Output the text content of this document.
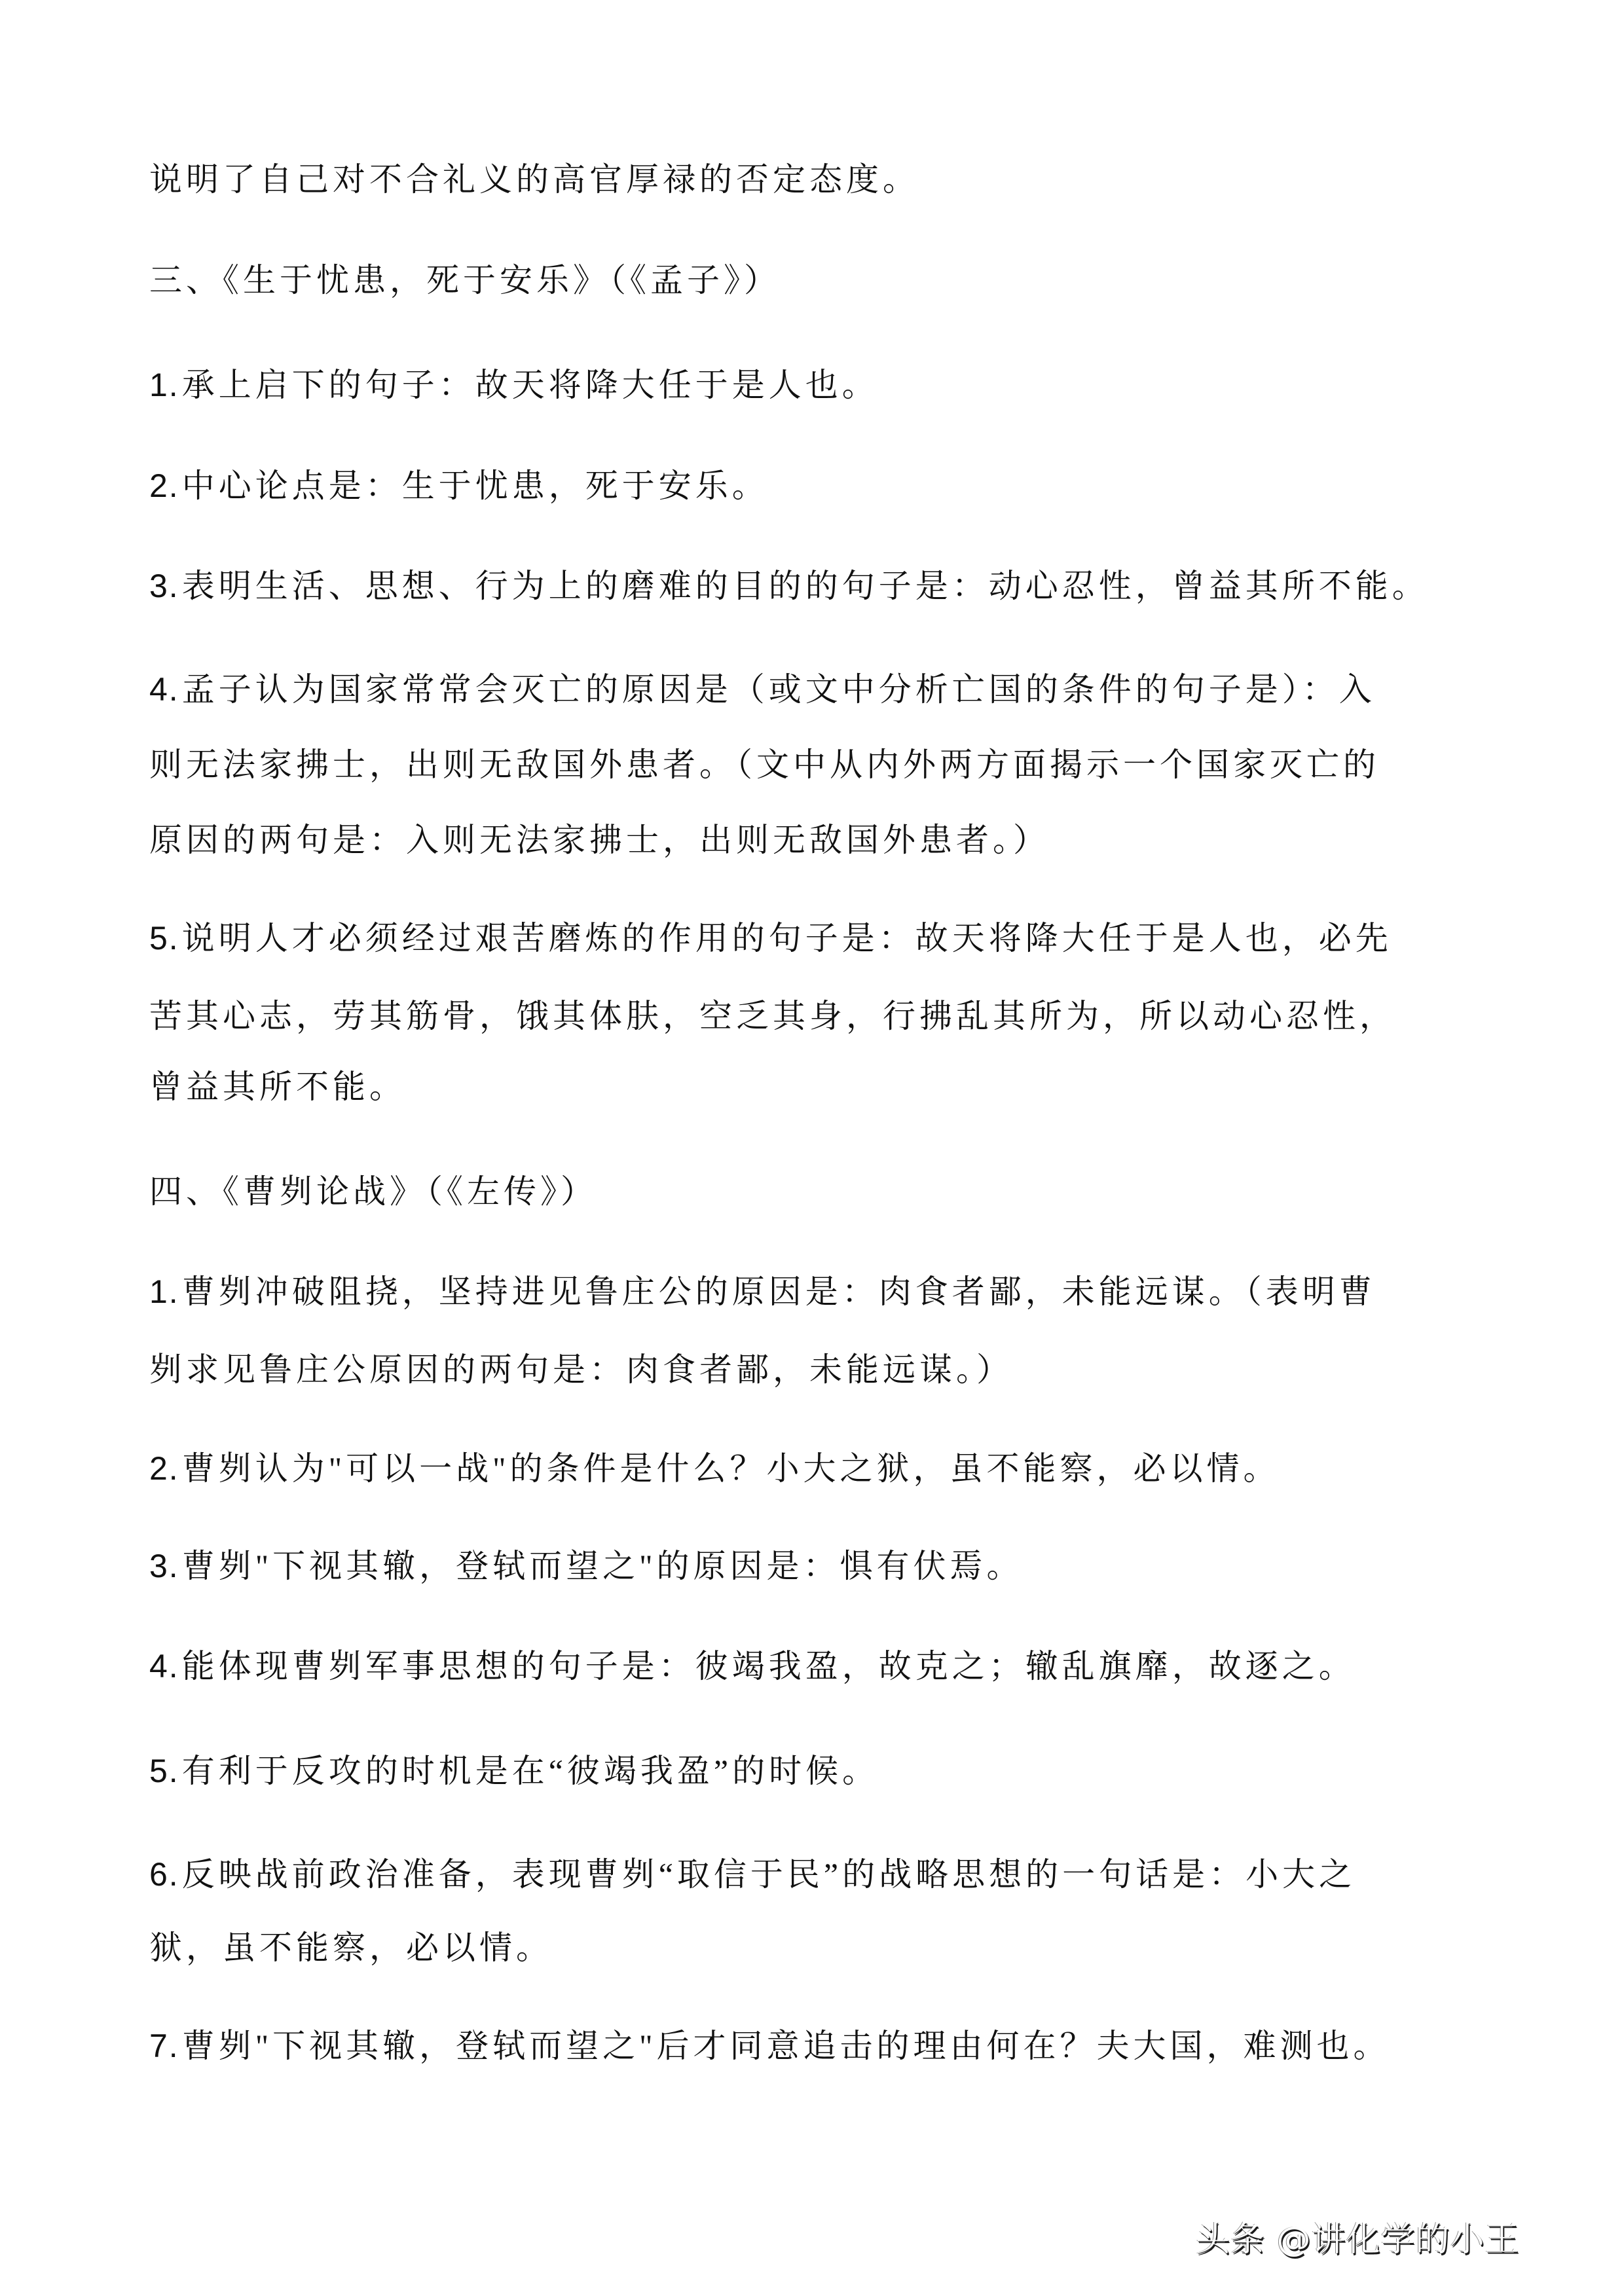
说明了自己对不合礼义的高官厚禄的否定态度。
三、《生于忧患，死于安乐》（《孟子》）
1.承上启下的句子：故天将降大任于是人也。
2.中心论点是：生于忧患，死于安乐。
3.表明生活、思想、行为上的磨难的目的的句子是：动心忍性，曾益其所不能。
4.孟子认为国家常常会灭亡的原因是（或文中分析亡国的条件的句子是）：入
则无法家拂士，出则无敌国外患者。（文中从内外两方面揭示一个国家灭亡的
原因的两句是：入则无法家拂士，出则无敌国外患者。）
5.说明人才必须经过艰苦磨炼的作用的句子是：故天将降大任于是人也，必先
苦其心志，劳其筋骨，饿其体肤，空乏其身，行拂乱其所为，所以动心忍性，
曾益其所不能。
四、《曹刿论战》（《左传》）
1.曹刿冲破阻挠，坚持进见鲁庄公的原因是：肉食者鄙，未能远谋。（表明曹
刿求见鲁庄公原因的两句是：肉食者鄙，未能远谋。）
2.曹刿认为"可以一战"的条件是什么？小大之狱，虽不能察，必以情。
3.曹刿"下视其辙，登轼而望之"的原因是：惧有伏焉。
4.能体现曹刿军事思想的句子是：彼竭我盈，故克之；辙乱旗靡，故逐之。
5.有利于反攻的时机是在“彼竭我盈”的时候。
6.反映战前政治准备，表现曹刿“取信于民”的战略思想的一句话是：小大之
狱，虽不能察，必以情。
7.曹刿"下视其辙，登轼而望之"后才同意追击的理由何在？夫大国，难测也。
头条 @讲化学的小王
